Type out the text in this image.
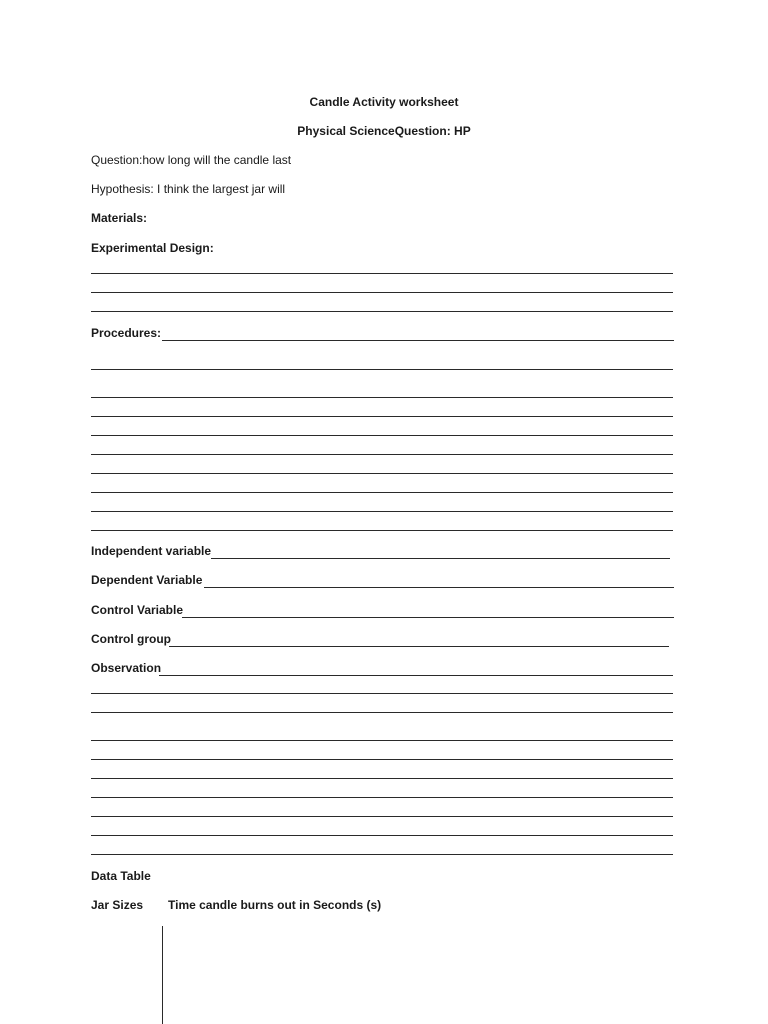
Candle Activity worksheet
Physical ScienceQuestion: HP
Question:how long will the candle last
Hypothesis: I think the largest jar will
Materials:
Experimental Design:
Procedures:
Independent variable
Dependent Variable
Control Variable
Control group
Observation
Data Table
Jar Sizes Time candle burns out in Seconds (s)
